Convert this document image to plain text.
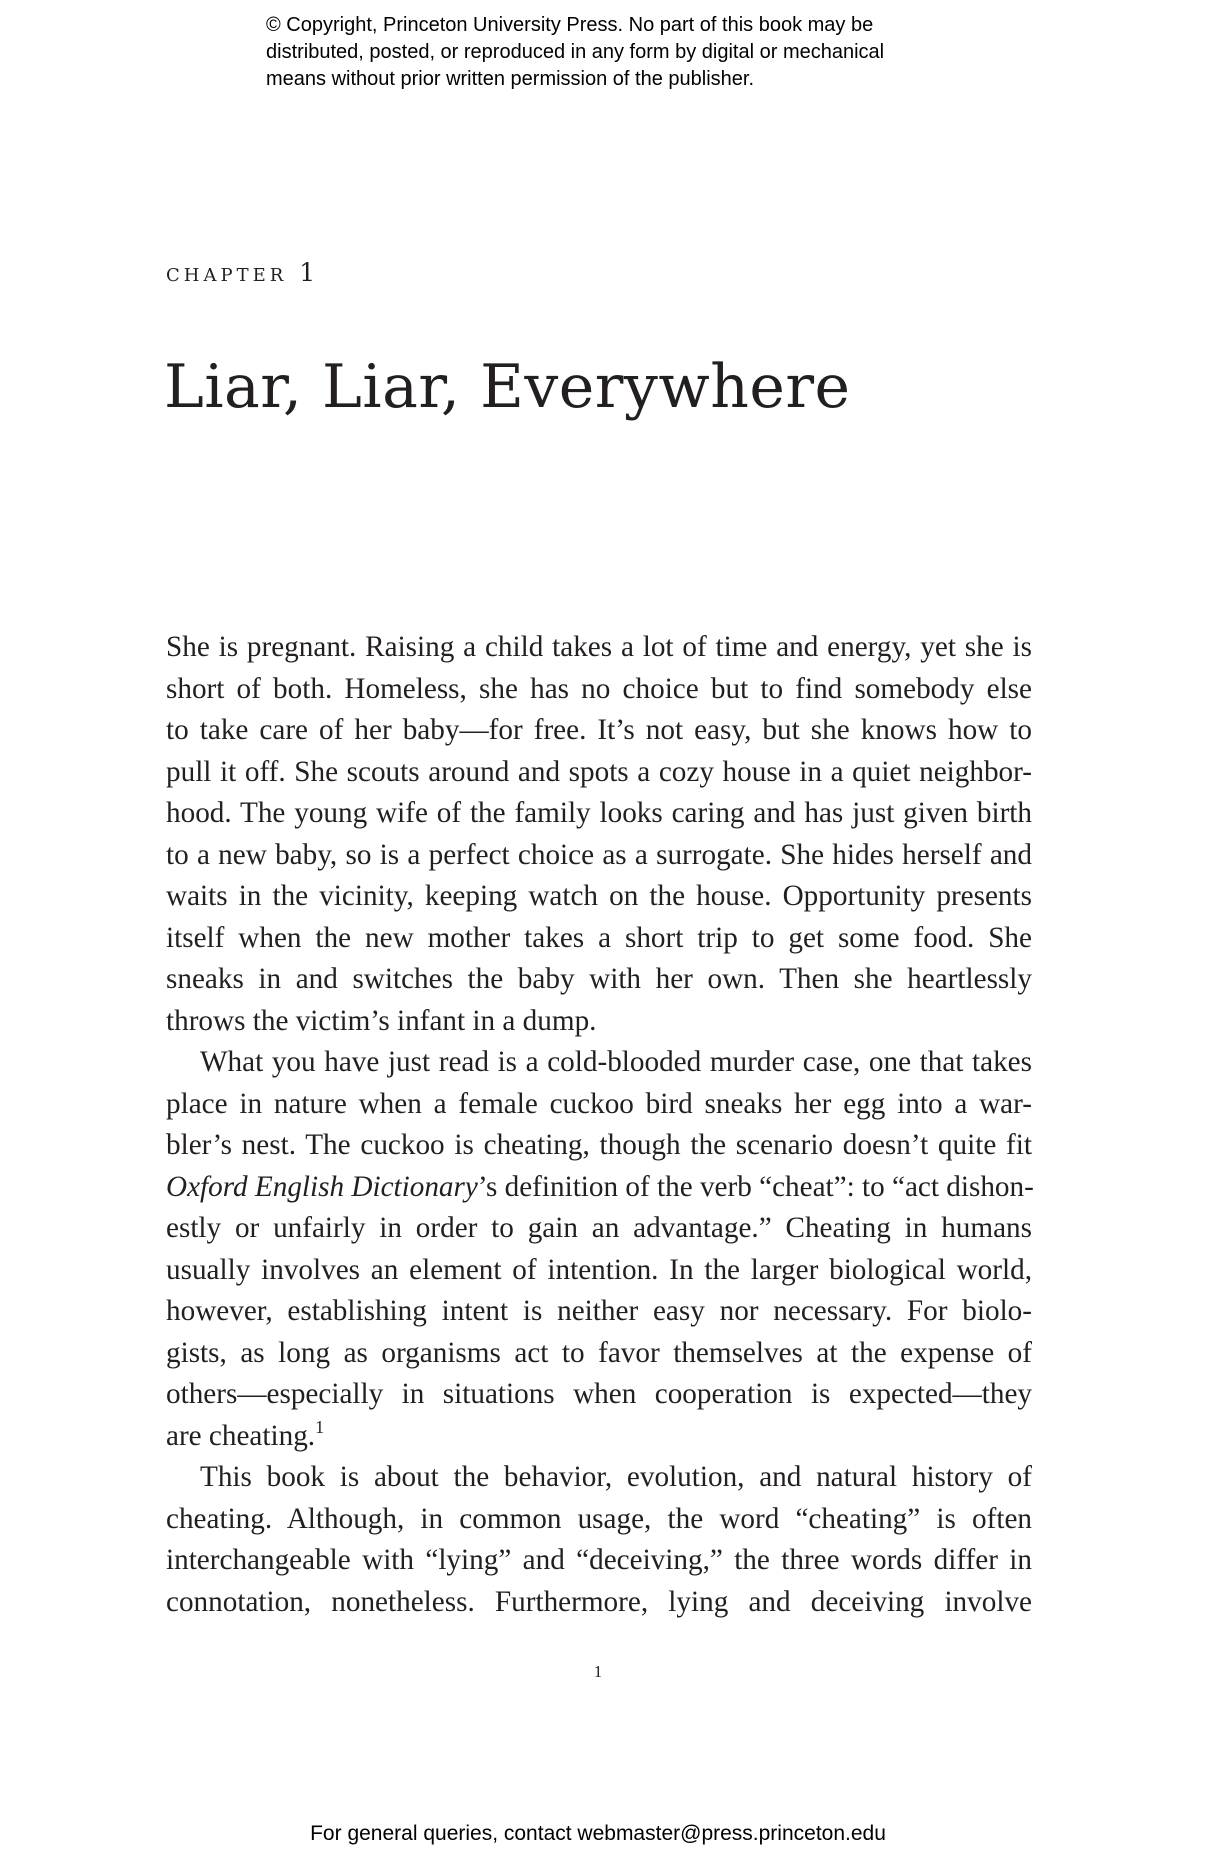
© Copyright, Princeton University Press. No part of this book may be
distributed, posted, or reproduced in any form by digital or mechanical
means without prior written permission of the publisher.
chapter 1
Liar, Liar, Everywhere
She is pregnant. Raising a child takes a lot of time and energy, yet she is
short of both. Homeless, she has no choice but to find somebody else
to take care of her baby—for free. It’s not easy, but she knows how to
pull it off. She scouts around and spots a cozy house in a quiet neighbor-
hood. The young wife of the family looks caring and has just given birth
to a new baby, so is a perfect choice as a surrogate. She hides herself and
waits in the vicinity, keeping watch on the house. Opportunity presents
itself when the new mother takes a short trip to get some food. She
sneaks in and switches the baby with her own. Then she heartlessly
throws the victim’s infant in a dump.
What you have just read is a cold-blooded murder case, one that takes
place in nature when a female cuckoo bird sneaks her egg into a war-
bler’s nest. The cuckoo is cheating, though the scenario doesn’t quite fit
Oxford English Dictionary’s definition of the verb “cheat”: to “act dishon-
estly or unfairly in order to gain an advantage.” Cheating in humans
usually involves an element of intention. In the larger biological world,
however, establishing intent is neither easy nor necessary. For biolo-
gists, as long as organisms act to favor themselves at the expense of
others—especially in situations when cooperation is expected—they
are cheating.$^1$
This book is about the behavior, evolution, and natural history of
cheating. Although, in common usage, the word “cheating” is often
interchangeable with “lying” and “deceiving,” the three words differ in
connotation, nonetheless. Furthermore, lying and deceiving involve

1

For general queries, contact webmaster@press.princeton.edu
